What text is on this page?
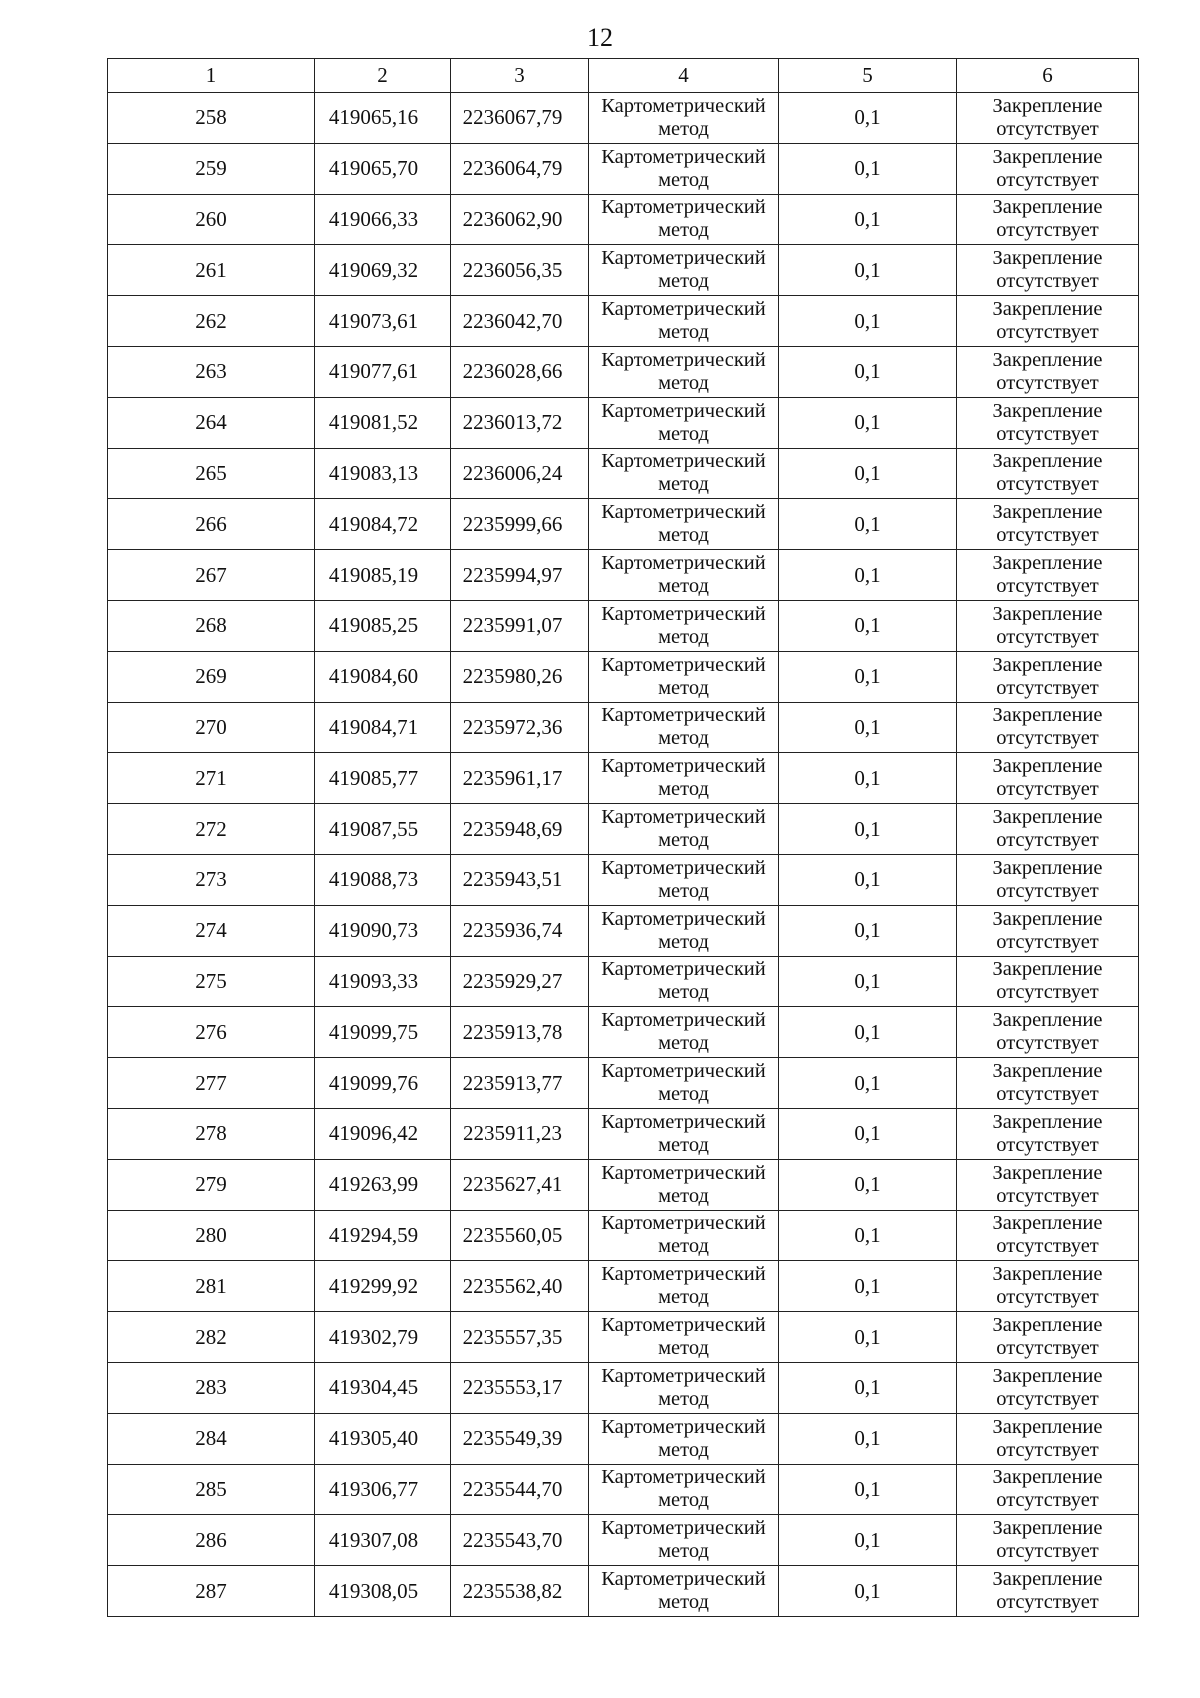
12
1	2	3	4	5	6
258	419065,16	2236067,79	Картометрический метод	0,1	Закрепление отсутствует

259	419065,70	2236064,79	Картометрический метод	0,1	Закрепление отсутствует

260	419066,33	2236062,90	Картометрический метод	0,1	Закрепление отсутствует

261	419069,32	2236056,35	Картометрический метод	0,1	Закрепление отсутствует

262	419073,61	2236042,70	Картометрический метод	0,1	Закрепление отсутствует

263	419077,61	2236028,66	Картометрический метод	0,1	Закрепление отсутствует

264	419081,52	2236013,72	Картометрический метод	0,1	Закрепление отсутствует

265	419083,13	2236006,24	Картометрический метод	0,1	Закрепление отсутствует

266	419084,72	2235999,66	Картометрический метод	0,1	Закрепление отсутствует

267	419085,19	2235994,97	Картометрический метод	0,1	Закрепление отсутствует

268	419085,25	2235991,07	Картометрический метод	0,1	Закрепление отсутствует

269	419084,60	2235980,26	Картометрический метод	0,1	Закрепление отсутствует

270	419084,71	2235972,36	Картометрический метод	0,1	Закрепление отсутствует

271	419085,77	2235961,17	Картометрический метод	0,1	Закрепление отсутствует

272	419087,55	2235948,69	Картометрический метод	0,1	Закрепление отсутствует

273	419088,73	2235943,51	Картометрический метод	0,1	Закрепление отсутствует

274	419090,73	2235936,74	Картометрический метод	0,1	Закрепление отсутствует

275	419093,33	2235929,27	Картометрический метод	0,1	Закрепление отсутствует

276	419099,75	2235913,78	Картометрический метод	0,1	Закрепление отсутствует

277	419099,76	2235913,77	Картометрический метод	0,1	Закрепление отсутствует

278	419096,42	2235911,23	Картометрический метод	0,1	Закрепление отсутствует

279	419263,99	2235627,41	Картометрический метод	0,1	Закрепление отсутствует

280	419294,59	2235560,05	Картометрический метод	0,1	Закрепление отсутствует

281	419299,92	2235562,40	Картометрический метод	0,1	Закрепление отсутствует

282	419302,79	2235557,35	Картометрический метод	0,1	Закрепление отсутствует

283	419304,45	2235553,17	Картометрический метод	0,1	Закрепление отсутствует

284	419305,40	2235549,39	Картометрический метод	0,1	Закрепление отсутствует

285	419306,77	2235544,70	Картометрический метод	0,1	Закрепление отсутствует

286	419307,08	2235543,70	Картометрический метод	0,1	Закрепление отсутствует

287	419308,05	2235538,82	Картометрический метод	0,1	Закрепление отсутствует
